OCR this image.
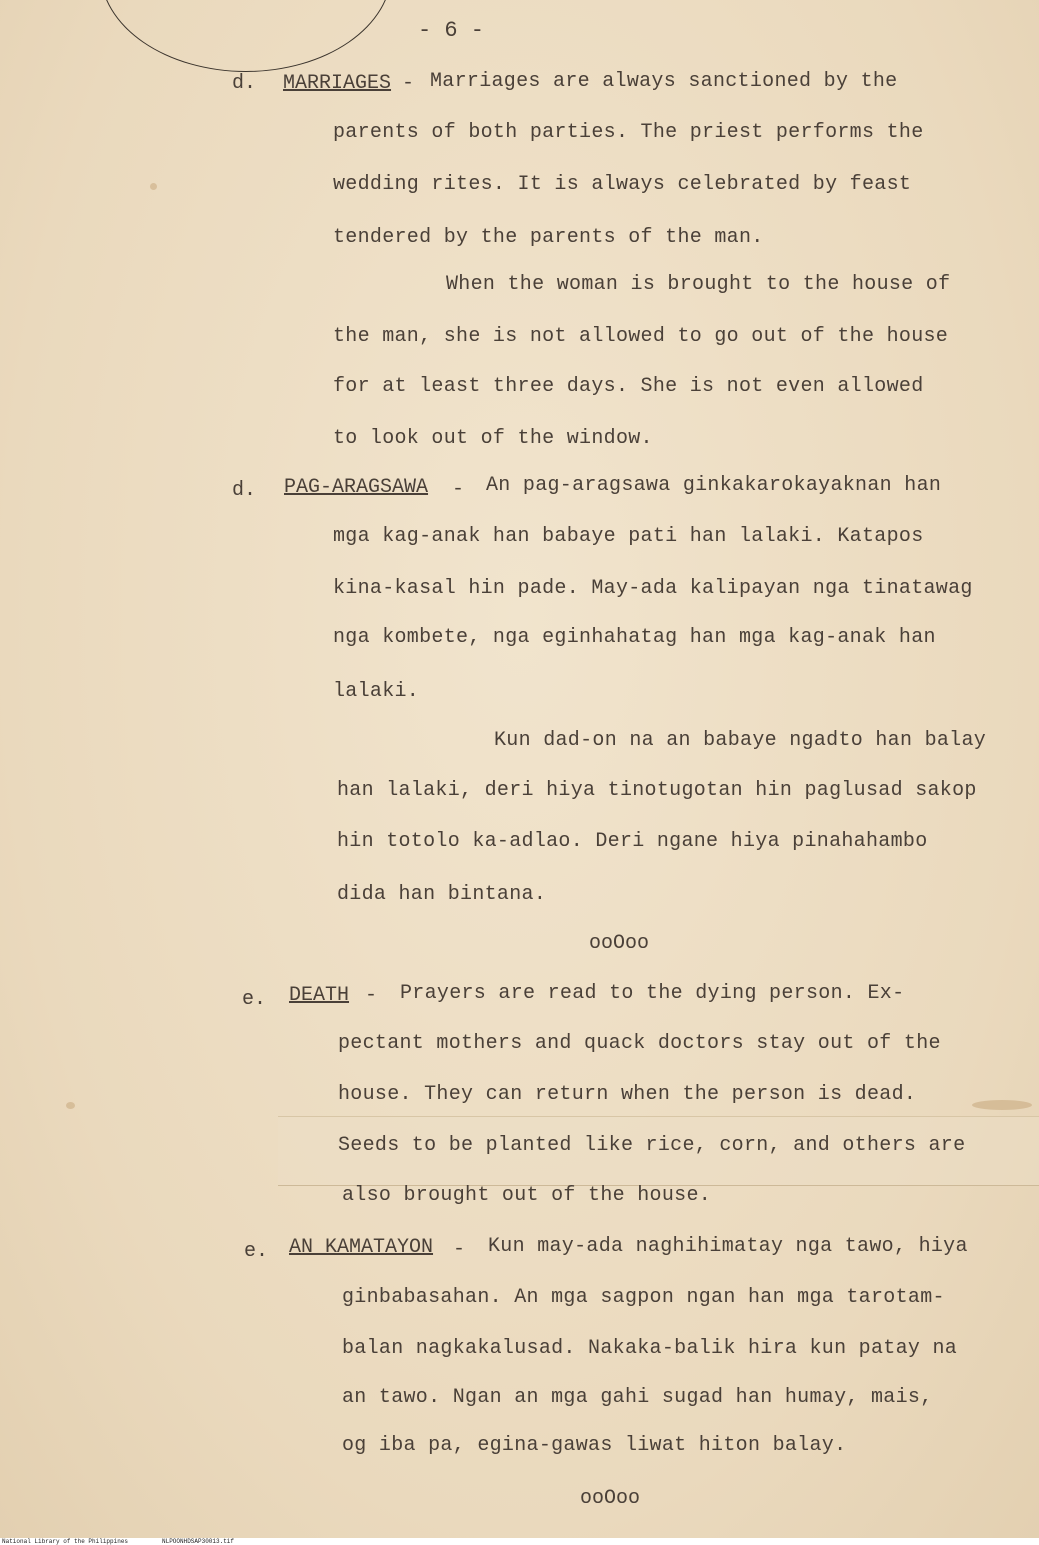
- 6 -
d. MARRIAGES - Marriages are always sanctioned by the
parents of both parties. The priest performs the
wedding rites. It is always celebrated by feast
tendered by the parents of the man.
When the woman is brought to the house of
the man, she is not allowed to go out of the house
for at least three days. She is not even allowed
to look out of the window.
d. PAG-ARAGSAWA - An pag-aragsawa ginkakarokayaknan han
mga kag-anak han babaye pati han lalaki. Katapos
kina-kasal hin pade. May-ada kalipayan nga tinatawag
nga kombete, nga eginhahatag han mga kag-anak han
lalaki.
Kun dad-on na an babaye ngadto han balay
han lalaki, deri hiya tinotugotan hin paglusad sakop
hin totolo ka-adlao. Deri ngane hiya pinahahambo
dida han bintana.
ooOoo
e. DEATH - Prayers are read to the dying person. Ex-
pectant mothers and quack doctors stay out of the
house. They can return when the person is dead.
Seeds to be planted like rice, corn, and others are
also brought out of the house.
e. AN KAMATAYON - Kun may-ada naghihimatay nga tawo, hiya
ginbabasahan. An mga sagpon ngan han mga tarotam-
balan nagkakalusad. Nakaka-balik hira kun patay na
an tawo. Ngan an mga gahi sugad han humay, mais,
og iba pa, egina-gawas liwat hiton balay.
ooOoo
National Library of the Philippines	NLPOONHDSAP30013.tif
